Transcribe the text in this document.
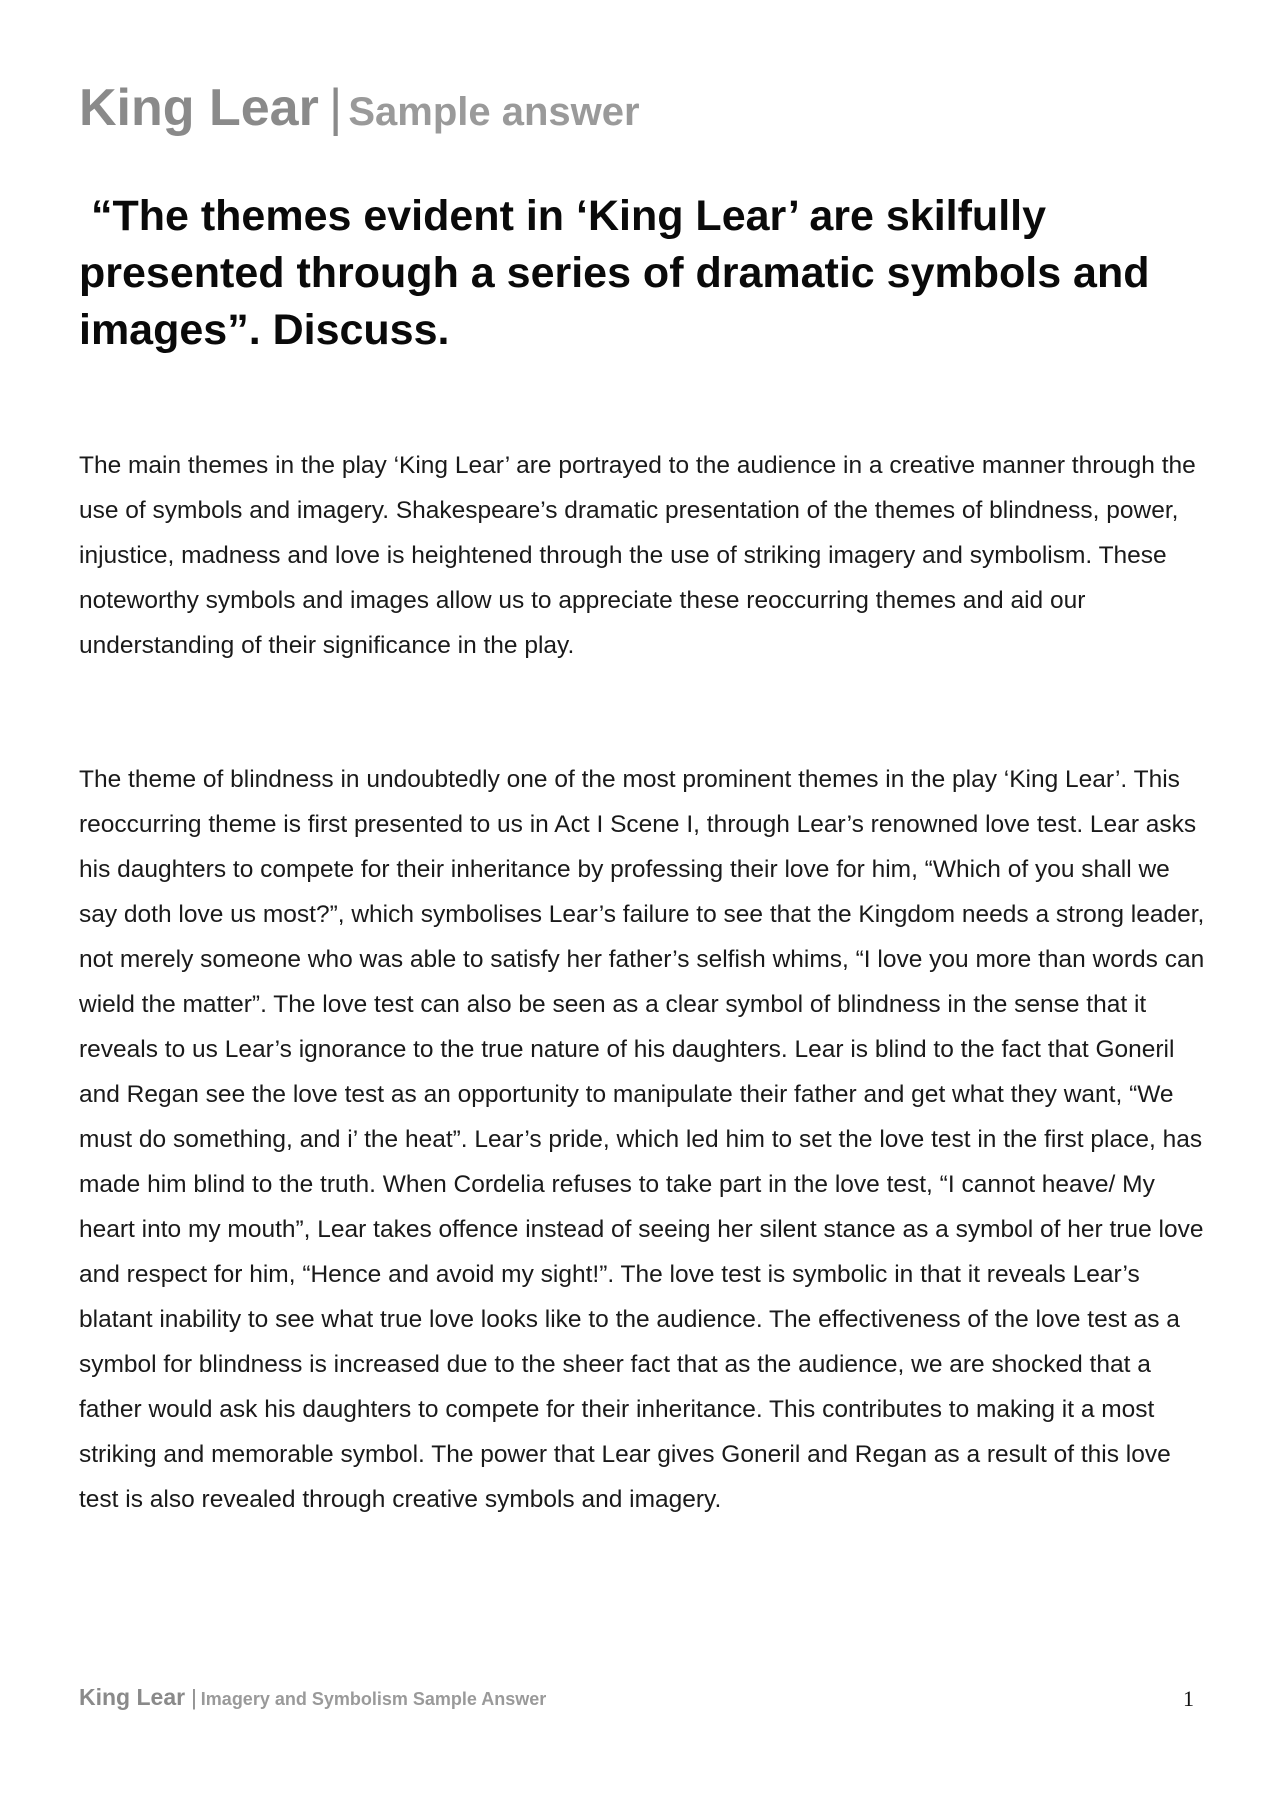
King Lear | Sample answer
“The themes evident in ‘King Lear’ are skilfully presented through a series of dramatic symbols and images”. Discuss.

The main themes in the play ‘King Lear’ are portrayed to the audience in a creative manner through the use of symbols and imagery. Shakespeare’s dramatic presentation of the themes of blindness, power, injustice, madness and love is heightened through the use of striking imagery and symbolism. These noteworthy symbols and images allow us to appreciate these reoccurring themes and aid our understanding of their significance in the play.

The theme of blindness in undoubtedly one of the most prominent themes in the play ‘King Lear’. This reoccurring theme is first presented to us in Act I Scene I, through Lear’s renowned love test. Lear asks his daughters to compete for their inheritance by professing their love for him, “Which of you shall we say doth love us most?”, which symbolises Lear’s failure to see that the Kingdom needs a strong leader, not merely someone who was able to satisfy her father’s selfish whims, “I love you more than words can wield the matter”. The love test can also be seen as a clear symbol of blindness in the sense that it reveals to us Lear’s ignorance to the true nature of his daughters. Lear is blind to the fact that Goneril and Regan see the love test as an opportunity to manipulate their father and get what they want, “We must do something, and i’ the heat”. Lear’s pride, which led him to set the love test in the first place, has made him blind to the truth. When Cordelia refuses to take part in the love test, “I cannot heave/ My heart into my mouth”, Lear takes offence instead of seeing her silent stance as a symbol of her true love and respect for him, “Hence and avoid my sight!”. The love test is symbolic in that it reveals Lear’s blatant inability to see what true love looks like to the audience. The effectiveness of the love test as a symbol for blindness is increased due to the sheer fact that as the audience, we are shocked that a father would ask his daughters to compete for their inheritance. This contributes to making it a most striking and memorable symbol. The power that Lear gives Goneril and Regan as a result of this love test is also revealed through creative symbols and imagery.

King Lear | Imagery and Symbolism Sample Answer	1
